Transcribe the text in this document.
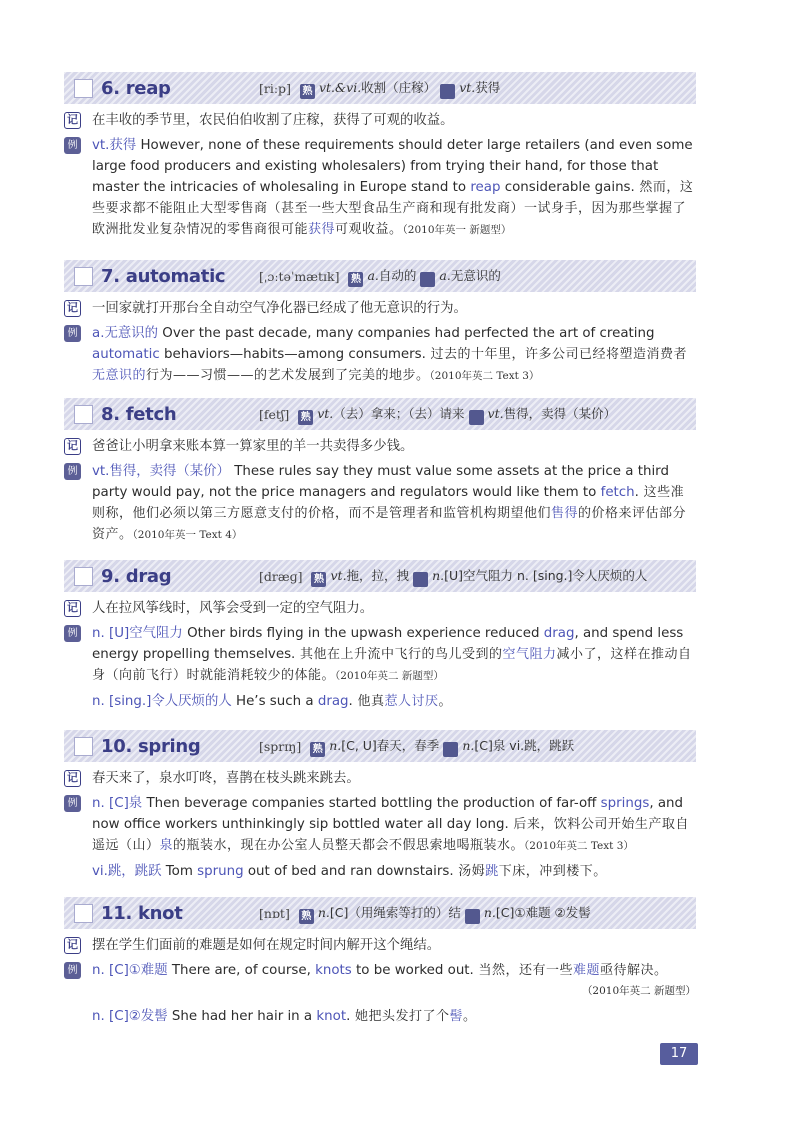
6. reap	[riːp]	熟 vt.&vi.收割（庄稼） vt.获得
记 在丰收的季节里，农民伯伯收割了庄稼，获得了可观的收益。
例 vt.获得 However, none of these requirements should deter large retailers (and even some large food producers and existing wholesalers) from trying their hand, for those that master the intricacies of wholesaling in Europe stand to reap considerable gains. 然而，这些要求都不能阻止大型零售商（甚至一些大型食品生产商和现有批发商）一试身手，因为那些掌握了欧洲批发业复杂情况的零售商很可能获得可观收益。（2010年英一 新题型）
7. automatic	[ˌɔːtəˈmætɪk]	熟 a.自动的 a.无意识的
记 一回家就打开那台全自动空气净化器已经成了他无意识的行为。
例 a.无意识的 Over the past decade, many companies had perfected the art of creating automatic behaviors—habits—among consumers. 过去的十年里，许多公司已经将塑造消费者无意识的行为——习惯——的艺术发展到了完美的地步。（2010年英二 Text 3）
8. fetch	[fetʃ]	熟 vt.（去）拿来；（去）请来 vt.售得，卖得（某价）
记 爸爸让小明拿来账本算一算家里的羊一共卖得多少钱。
例 vt.售得，卖得（某价） These rules say they must value some assets at the price a third party would pay, not the price managers and regulators would like them to fetch. 这些准则称，他们必须以第三方愿意支付的价格，而不是管理者和监管机构期望他们售得的价格来评估部分资产。（2010年英一 Text 4）
9. drag	[dræɡ]	熟 vt.拖，拉，拽 n.[U]空气阻力 n. [sing.]令人厌烦的人
记 人在拉风筝线时，风筝会受到一定的空气阻力。
例 n. [U]空气阻力 Other birds flying in the upwash experience reduced drag, and spend less energy propelling themselves. 其他在上升流中飞行的鸟儿受到的空气阻力减小了，这样在推动自身（向前飞行）时就能消耗较少的体能。（2010年英二 新题型）
n. [sing.]令人厌烦的人 He’s such a drag. 他真惹人讨厌。
10. spring	[sprɪŋ]	熟 n.[C, U]春天，春季 n.[C]泉 vi.跳，跳跃
记 春天来了，泉水叮咚，喜鹊在枝头跳来跳去。
例 n. [C]泉 Then beverage companies started bottling the production of far-off springs, and now office workers unthinkingly sip bottled water all day long. 后来，饮料公司开始生产取自遥远（山）泉的瓶装水，现在办公室人员整天都会不假思索地喝瓶装水。（2010年英二 Text 3）
vi.跳，跳跃 Tom sprung out of bed and ran downstairs. 汤姆跳下床，冲到楼下。
11. knot	[nɒt]	熟 n.[C]（用绳索等打的）结 n.[C]①难题 ②发髻
记 摆在学生们面前的难题是如何在规定时间内解开这个绳结。
例 n. [C]①难题 There are, of course, knots to be worked out. 当然，还有一些难题亟待解决。
（2010年英二 新题型）
n. [C]②发髻 She had her hair in a knot. 她把头发打了个髻。
17
